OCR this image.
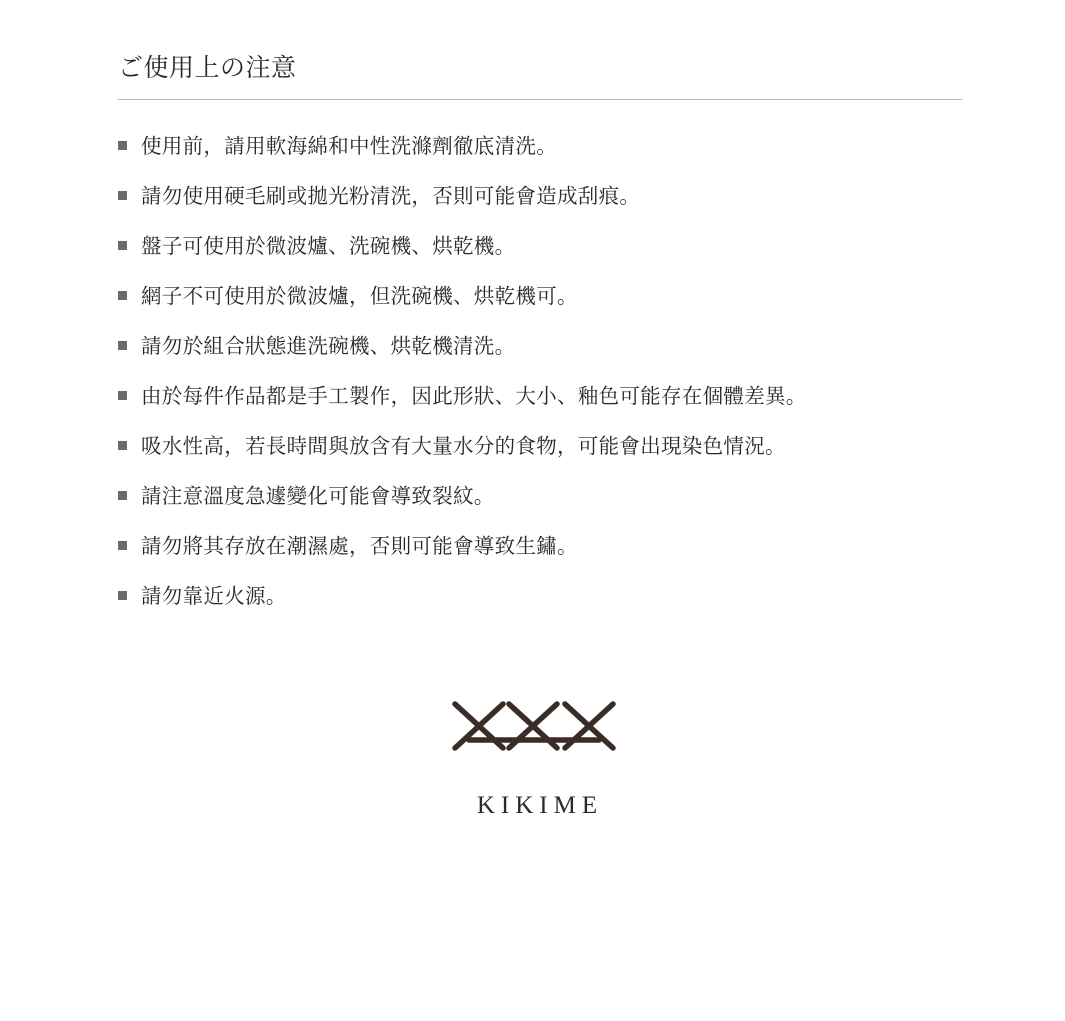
ご使用上の注意
使用前，請用軟海綿和中性洗滌劑徹底清洗。
請勿使用硬毛刷或拋光粉清洗，否則可能會造成刮痕。
盤子可使用於微波爐、洗碗機、烘乾機。
網子不可使用於微波爐，但洗碗機、烘乾機可。
請勿於組合狀態進洗碗機、烘乾機清洗。
由於每件作品都是手工製作，因此形狀、大小、釉色可能存在個體差異。
吸水性高，若長時間與放含有大量水分的食物，可能會出現染色情況。
請注意溫度急遽變化可能會導致裂紋。
請勿將其存放在潮濕處，否則可能會導致生鏽。
請勿靠近火源。
KIKIME
